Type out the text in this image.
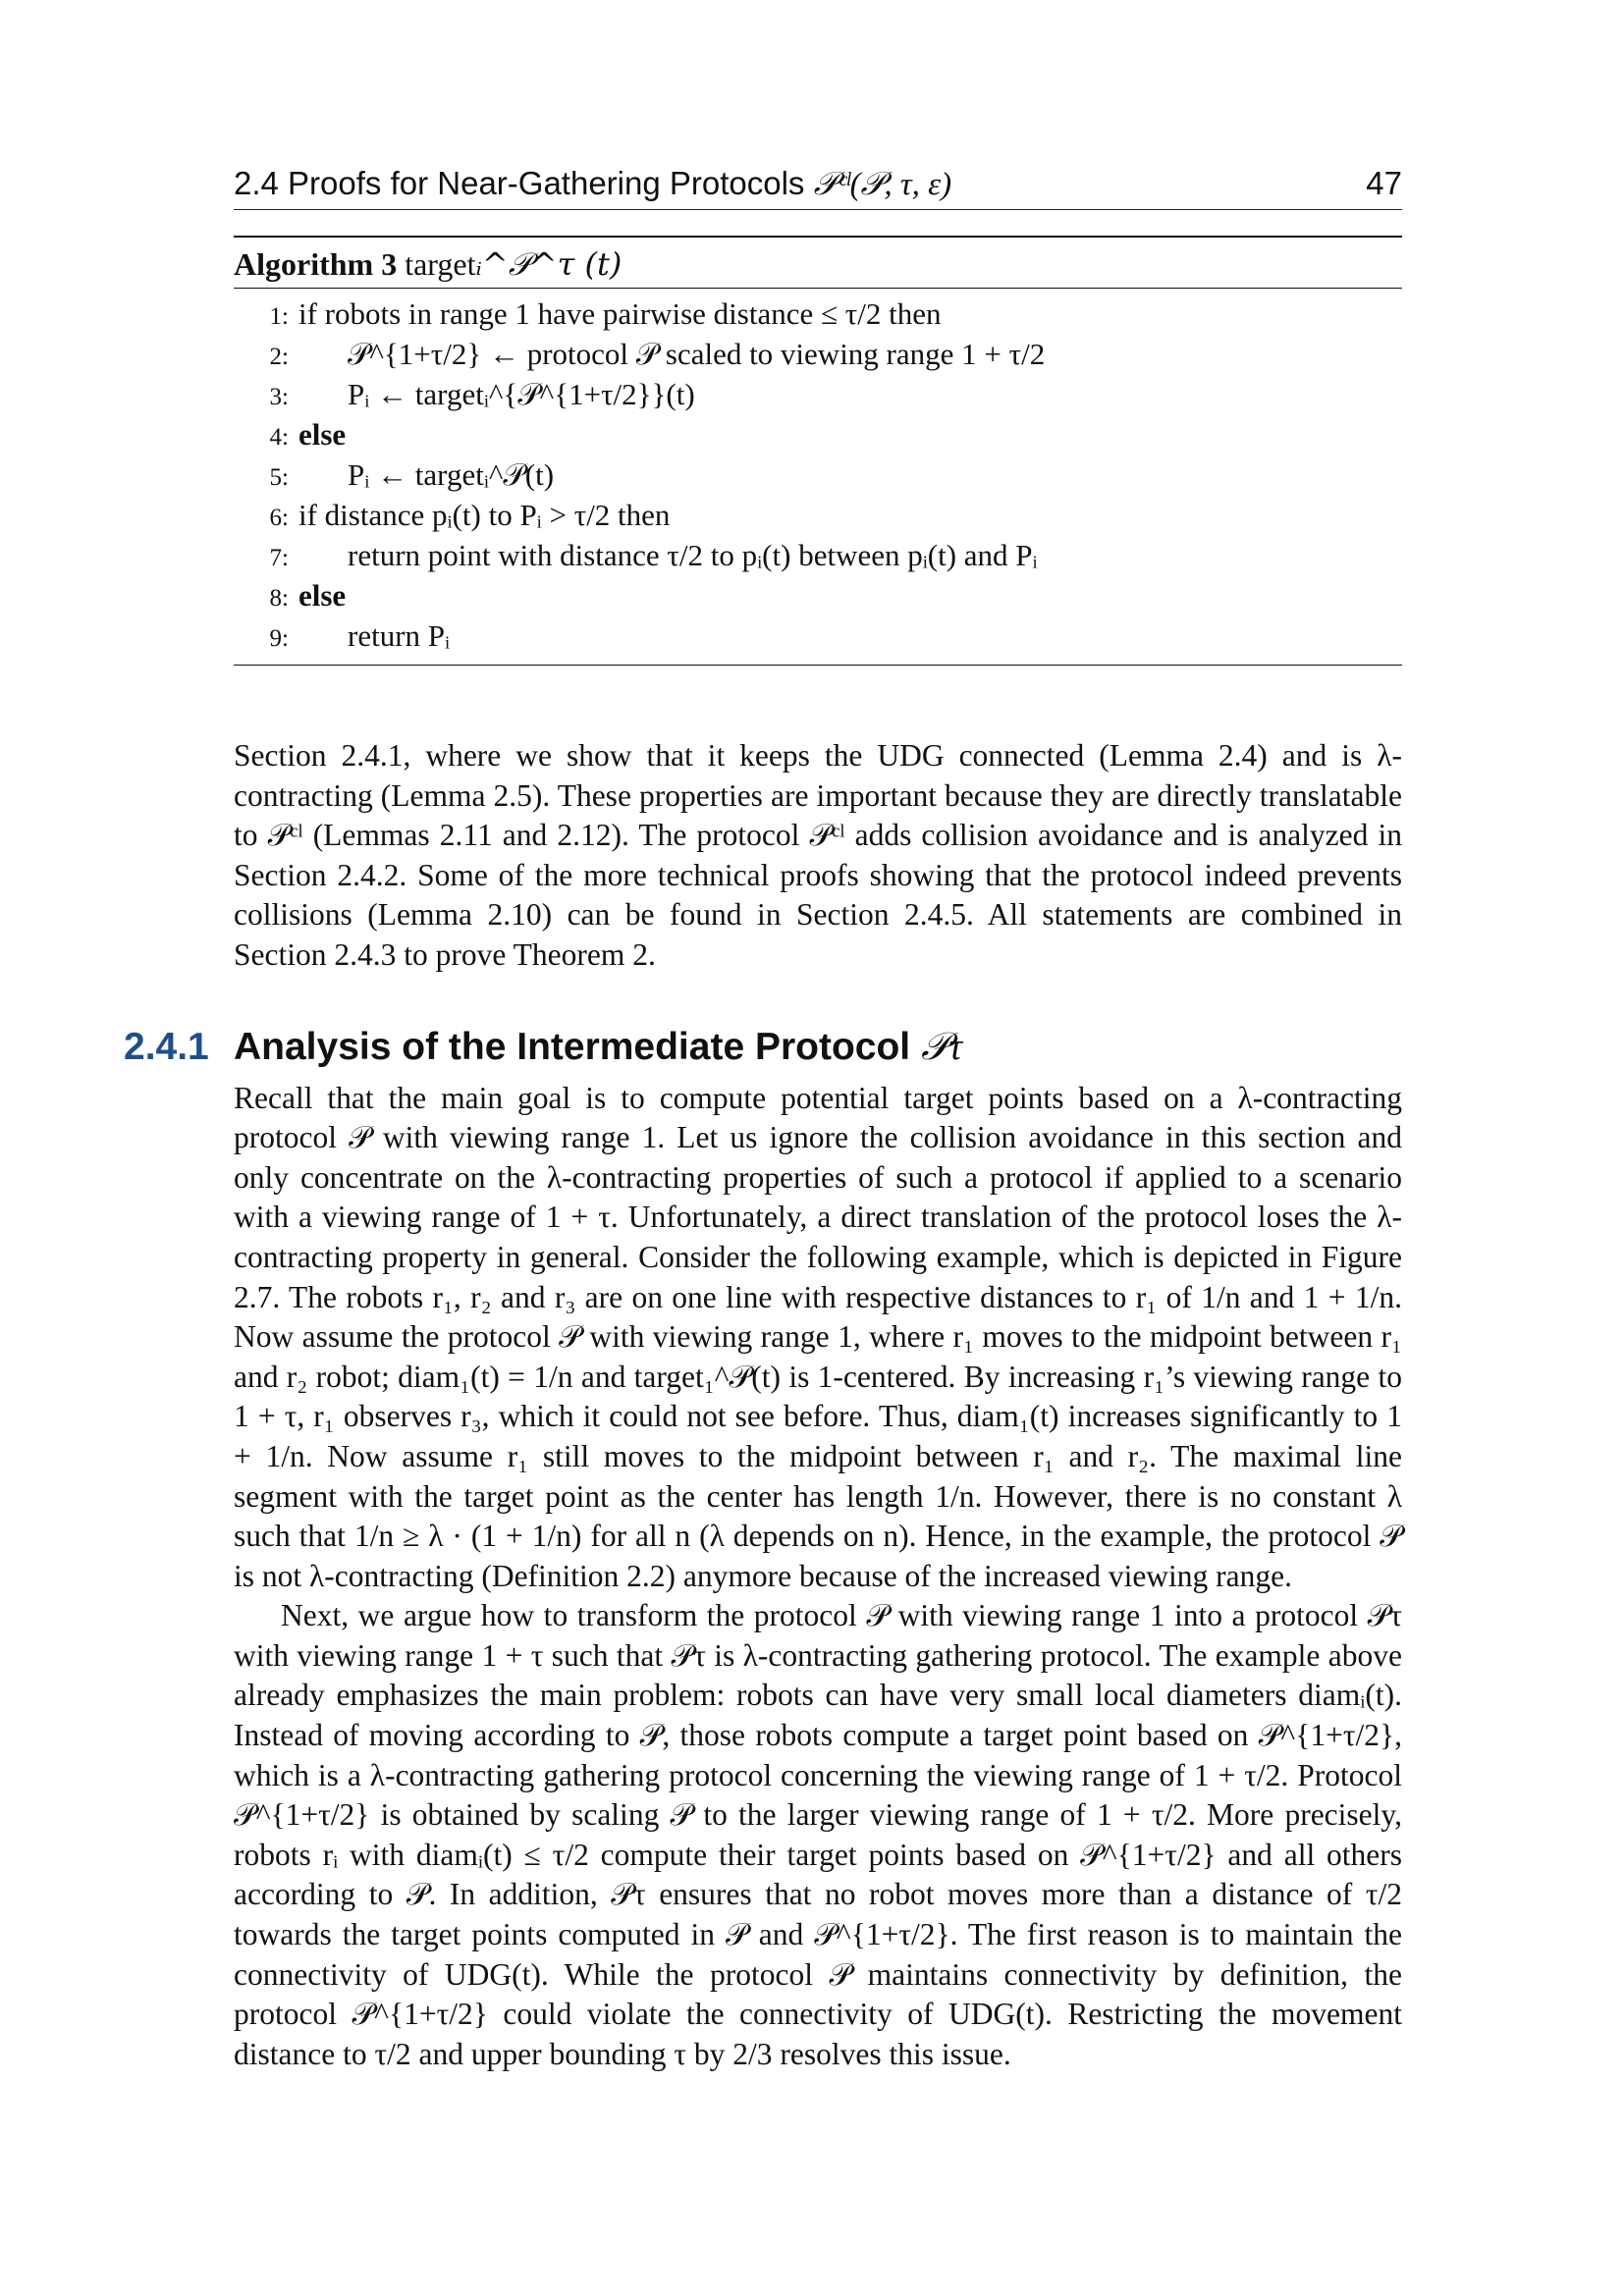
2.4 Proofs for Near-Gathering Protocols 𝒫ᶜˡ(𝒫, τ, ε)	47
Algorithm 3 targetᵢ^𝒫^τ (t)
1: if robots in range 1 have pairwise distance ≤ τ/2 then
2:	𝒫^{1+τ/2} ← protocol 𝒫 scaled to viewing range 1 + τ/2
3:	Pᵢ ← targetᵢ^{𝒫^{1+τ/2}}(t)
4: else
5:	Pᵢ ← targetᵢ^𝒫(t)
6: if distance pᵢ(t) to Pᵢ > τ/2 then
7:	return point with distance τ/2 to pᵢ(t) between pᵢ(t) and Pᵢ
8: else
9:	return Pᵢ

Section 2.4.1, where we show that it keeps the UDG connected (Lemma 2.4) and is λ-contracting (Lemma 2.5). These properties are important because they are directly translatable to 𝒫ᶜˡ (Lemmas 2.11 and 2.12). The protocol 𝒫ᶜˡ adds collision avoidance and is analyzed in Section 2.4.2. Some of the more technical proofs showing that the protocol indeed prevents collisions (Lemma 2.10) can be found in Section 2.4.5. All statements are combined in Section 2.4.3 to prove Theorem 2.

2.4.1 Analysis of the Intermediate Protocol 𝒫τ

Recall that the main goal is to compute potential target points based on a λ-contracting protocol 𝒫 with viewing range 1. Let us ignore the collision avoidance in this section and only concentrate on the λ-contracting properties of such a protocol if applied to a scenario with a viewing range of 1 + τ. Unfortunately, a direct translation of the protocol loses the λ-contracting property in general. Consider the following example, which is depicted in Figure 2.7. The robots r₁, r₂ and r₃ are on one line with respective distances to r₁ of 1/n and 1 + 1/n. Now assume the protocol 𝒫 with viewing range 1, where r₁ moves to the midpoint between r₁ and r₂ robot; diam₁(t) = 1/n and target₁^𝒫(t) is 1-centered. By increasing r₁’s viewing range to 1 + τ, r₁ observes r₃, which it could not see before. Thus, diam₁(t) increases significantly to 1 + 1/n. Now assume r₁ still moves to the midpoint between r₁ and r₂. The maximal line segment with the target point as the center has length 1/n. However, there is no constant λ such that 1/n ≥ λ · (1 + 1/n) for all n (λ depends on n). Hence, in the example, the protocol 𝒫 is not λ-contracting (Definition 2.2) anymore because of the increased viewing range.

Next, we argue how to transform the protocol 𝒫 with viewing range 1 into a protocol 𝒫τ with viewing range 1 + τ such that 𝒫τ is λ-contracting gathering protocol. The example above already emphasizes the main problem: robots can have very small local diameters diamᵢ(t). Instead of moving according to 𝒫, those robots compute a target point based on 𝒫^{1+τ/2}, which is a λ-contracting gathering protocol concerning the viewing range of 1 + τ/2. Protocol 𝒫^{1+τ/2} is obtained by scaling 𝒫 to the larger viewing range of 1 + τ/2. More precisely, robots rᵢ with diamᵢ(t) ≤ τ/2 compute their target points based on 𝒫^{1+τ/2} and all others according to 𝒫. In addition, 𝒫τ ensures that no robot moves more than a distance of τ/2 towards the target points computed in 𝒫 and 𝒫^{1+τ/2}. The first reason is to maintain the connectivity of UDG(t). While the protocol 𝒫 maintains connectivity by definition, the protocol 𝒫^{1+τ/2} could violate the connectivity of UDG(t). Restricting the movement distance to τ/2 and upper bounding τ by 2/3 resolves this issue.
